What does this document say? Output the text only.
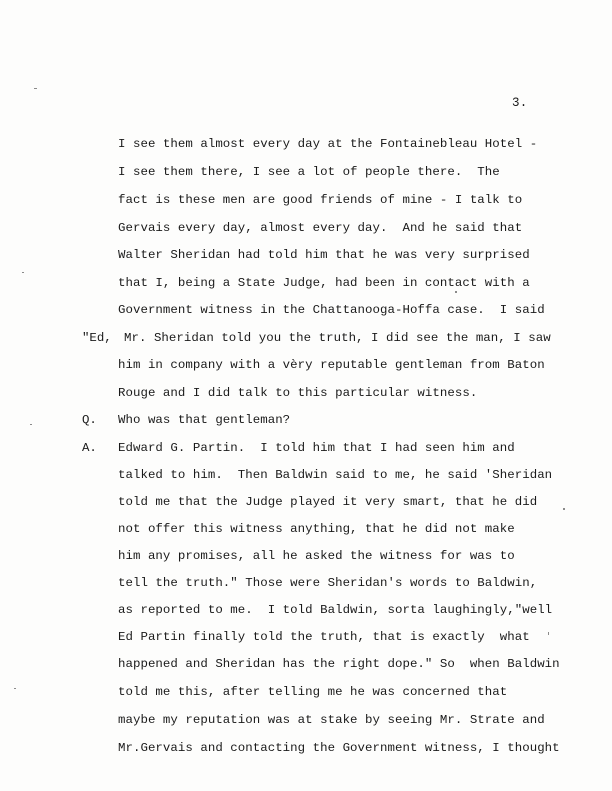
3.
I see them almost every day at the Fontainebleau Hotel -
I see them there, I see a lot of people there.  The
fact is these men are good friends of mine - I talk to
Gervais every day, almost every day.  And he said that
Walter Sheridan had told him that he was very surprised
that I, being a State Judge, had been in contact with a
Government witness in the Chattanooga-Hoffa case.  I said
"Ed, Mr. Sheridan told you the truth, I did see the man, I saw
him in company with a vèry reputable gentleman from Baton
Rouge and I did talk to this particular witness.
Q. Who was that gentleman?
A. Edward G. Partin.  I told him that I had seen him and
talked to him.  Then Baldwin said to me, he said 'Sheridan
told me that the Judge played it very smart, that he did
not offer this witness anything, that he did not make
him any promises, all he asked the witness for was to
tell the truth." Those were Sheridan's words to Baldwin,
as reported to me.  I told Baldwin, sorta laughingly,"well
Ed Partin finally told the truth, that is exactly  what
happened and Sheridan has the right dope." So  when Baldwin
told me this, after telling me he was concerned that
maybe my reputation was at stake by seeing Mr. Strate and
Mr.Gervais and contacting the Government witness, I thought
